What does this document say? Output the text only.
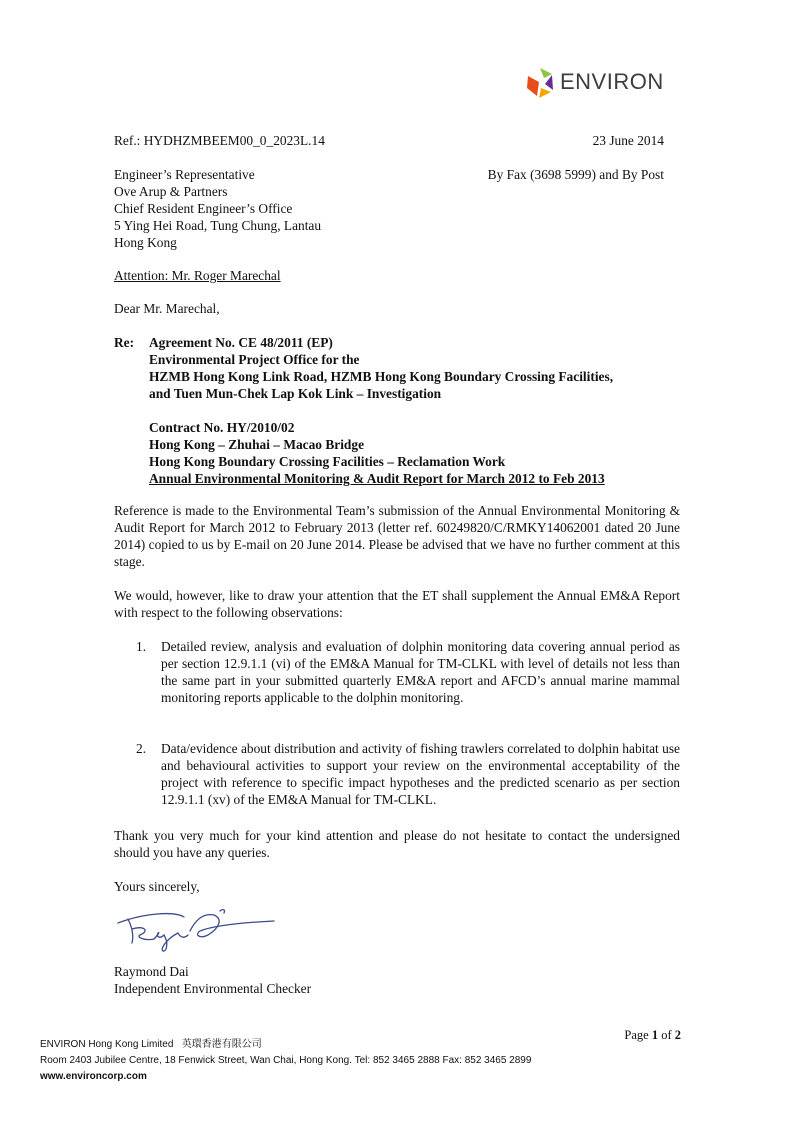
ENVIRON
Ref.: HYDHZMBEEM00_0_2023L.14	23 June 2014
Engineer’s Representative
Ove Arup & Partners
Chief Resident Engineer’s Office
5 Ying Hei Road, Tung Chung, Lantau
Hong Kong
By Fax (3698 5999) and By Post
Attention: Mr. Roger Marechal
Dear Mr. Marechal,
Re: Agreement No. CE 48/2011 (EP)
Environmental Project Office for the
HZMB Hong Kong Link Road, HZMB Hong Kong Boundary Crossing Facilities,
and Tuen Mun-Chek Lap Kok Link – Investigation
Contract No. HY/2010/02
Hong Kong – Zhuhai – Macao Bridge
Hong Kong Boundary Crossing Facilities – Reclamation Work
Annual Environmental Monitoring & Audit Report for March 2012 to Feb 2013
Reference is made to the Environmental Team’s submission of the Annual Environmental Monitoring & Audit Report for March 2012 to February 2013 (letter ref. 60249820/C/RMKY14062001 dated 20 June 2014) copied to us by E-mail on 20 June 2014. Please be advised that we have no further comment at this stage.
We would, however, like to draw your attention that the ET shall supplement the Annual EM&A Report with respect to the following observations:
1. Detailed review, analysis and evaluation of dolphin monitoring data covering annual period as per section 12.9.1.1 (vi) of the EM&A Manual for TM-CLKL with level of details not less than the same part in your submitted quarterly EM&A report and AFCD’s annual marine mammal monitoring reports applicable to the dolphin monitoring.
2. Data/evidence about distribution and activity of fishing trawlers correlated to dolphin habitat use and behavioural activities to support your review on the environmental acceptability of the project with reference to specific impact hypotheses and the predicted scenario as per section 12.9.1.1 (xv) of the EM&A Manual for TM-CLKL.
Thank you very much for your kind attention and please do not hesitate to contact the undersigned should you have any queries.
Yours sincerely,
Raymond Dai
Independent Environmental Checker
Page 1 of 2
ENVIRON Hong Kong Limited 英環香港有限公司
Room 2403 Jubilee Centre, 18 Fenwick Street, Wan Chai, Hong Kong. Tel: 852 3465 2888 Fax: 852 3465 2899
www.environcorp.com
